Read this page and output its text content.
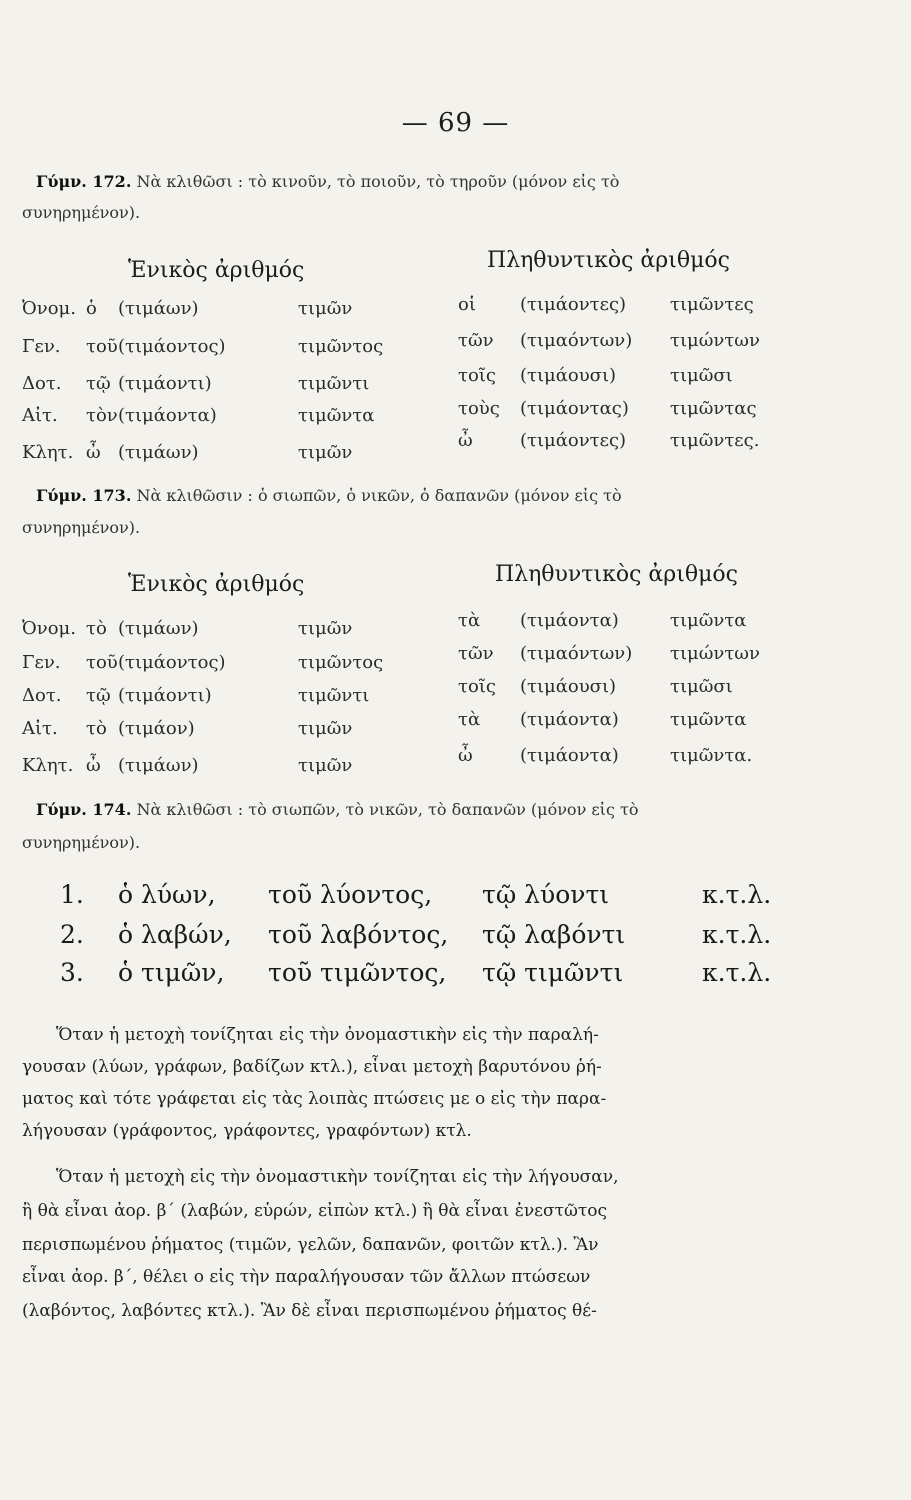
— 69 —
Γύμν. 172. Νὰ κλιθῶσι : τὸ κινοῦν, τὸ ποιοῦν, τὸ τηροῦν (μόνον εἰς τὸ
συνηρημένον).
Ἑνικὸς ἀριθμός	Πληθυντικὸς ἀριθμός
Ὀνομ. ὁ (τιμάων)	τιμῶν
Γεν. τοῦ(τιμάοντος)	τιμῶντος
Δοτ. τῷ (τιμάοντι)	τιμῶντι
Αἰτ. τὸν(τιμάοντα)	τιμῶντα
Κλητ. ὦ (τιμάων)	τιμῶν
οἱ (τιμάοντες) τιμῶντες
τῶν (τιμαόντων) τιμώντων
τοῖς (τιμάουσι)	τιμῶσι
τοὺς (τιμάοντας) τιμῶντας
ὦ	(τιμάοντες) τιμῶντες.
Γύμν. 173. Νὰ κλιθῶσιν : ὁ σιωπῶν, ὁ νικῶν, ὁ δαπανῶν (μόνον εἰς τὸ
συνηρημένον).
Ἑνικὸς ἀριθμός	Πληθυντικὸς ἀριθμός
Ὀνομ. τὸ (τιμάων)	τιμῶν
Γεν. τοῦ(τιμάοντος)	τιμῶντος
Δοτ. τῷ (τιμάοντι)	τιμῶντι
Αἰτ. τὸ (τιμάον)	τιμῶν
Κλητ. ὦ (τιμάων)	τιμῶν
τὰ (τιμάοντα)	τιμῶντα
τῶν (τιμαόντων) τιμώντων
τοῖς (τιμάουσι)	τιμῶσι
τὰ (τιμάοντα)	τιμῶντα
ὦ	(τιμάοντα)	τιμῶντα.
Γύμν. 174. Νὰ κλιθῶσι : τὸ σιωπῶν, τὸ νικῶν, τὸ δαπανῶν (μόνον εἰς τὸ
συνηρημένον).
1. ὁ λύων, τοῦ λύοντος, τῷ λύοντι	κ.τ.λ.
2. ὁ λαβών, τοῦ λαβόντος, τῷ λαβόντι	κ.τ.λ.
3. ὁ τιμῶν, τοῦ τιμῶντος, τῷ τιμῶντι	κ.τ.λ.
Ὅταν ἡ μετοχὴ τονίζηται εἰς τὴν ὀνομαστικὴν εἰς τὴν παραλή-
γουσαν (λύων, γράφων, βαδίζων κτλ.), εἶναι μετοχὴ βαρυτόνου ῥή-
ματος καὶ τότε γράφεται εἰς τὰς λοιπὰς πτώσεις με ο εἰς τὴν παρα-
λήγουσαν (γράφοντος, γράφοντες, γραφόντων) κτλ.
Ὅταν ἡ μετοχὴ εἰς τὴν ὀνομαστικὴν τονίζηται εἰς τὴν λήγουσαν,
ἢ θὰ εἶναι ἀορ. β΄ (λαβών, εὑρών, εἰπὼν κτλ.) ἢ θὰ εἶναι ἐνεστῶτος
περισπωμένου ῥήματος (τιμῶν, γελῶν, δαπανῶν, φοιτῶν κτλ.). Ἂν
εἶναι ἀορ. β΄, θέλει ο εἰς τὴν παραλήγουσαν τῶν ἄλλων πτώσεων
(λαβόντος, λαβόντες κτλ.). Ἂν δὲ εἶναι περισπωμένου ῥήματος θέ-
